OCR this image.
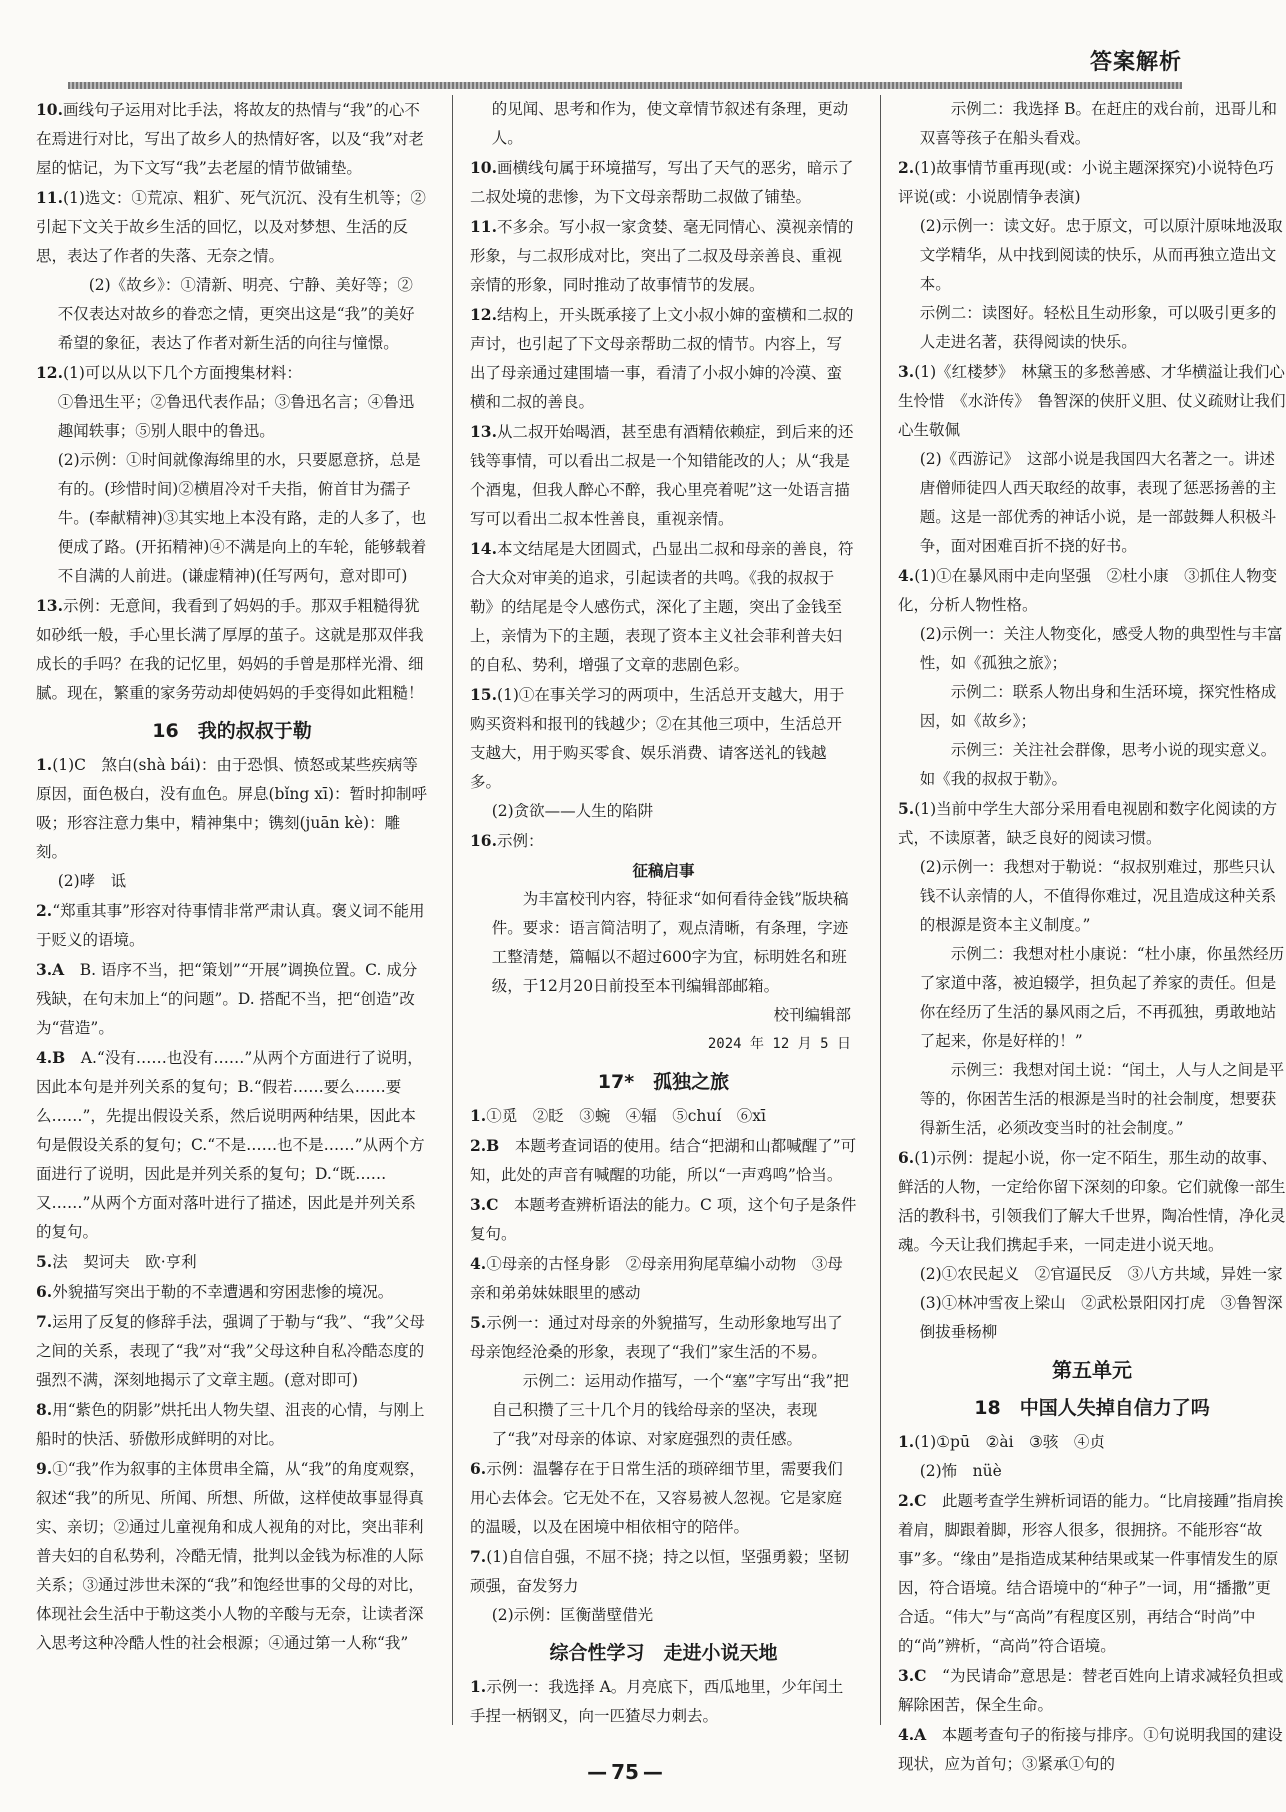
答案解析

10.画线句子运用对比手法，将故友的热情与“我”的心不在焉进行对比，写出了故乡人的热情好客，以及“我”对老屋的惦记，为下文写“我”去老屋的情节做铺垫。

11.(1)选文：①荒凉、粗犷、死气沉沉、没有生机等；②引起下文关于故乡生活的回忆，以及对梦想、生活的反思，表达了作者的失落、无奈之情。

(2)《故乡》：①清新、明亮、宁静、美好等；②不仅表达对故乡的眷恋之情，更突出这是“我”的美好希望的象征，表达了作者对新生活的向往与憧憬。

12.(1)可以从以下几个方面搜集材料：

①鲁迅生平；②鲁迅代表作品；③鲁迅名言；④鲁迅趣闻轶事；⑤别人眼中的鲁迅。

(2)示例：①时间就像海绵里的水，只要愿意挤，总是有的。(珍惜时间)②横眉冷对千夫指，俯首甘为孺子牛。(奉献精神)③其实地上本没有路，走的人多了，也便成了路。(开拓精神)④不满是向上的车轮，能够载着不自满的人前进。(谦虚精神)(任写两句，意对即可)

13.示例：无意间，我看到了妈妈的手。那双手粗糙得犹如砂纸一般，手心里长满了厚厚的茧子。这就是那双伴我成长的手吗？在我的记忆里，妈妈的手曾是那样光滑、细腻。现在，繁重的家务劳动却使妈妈的手变得如此粗糙！

16　我的叔叔于勒

1.(1)C　煞白(shà bái)：由于恐惧、愤怒或某些疾病等原因，面色极白，没有血色。屏息(bǐng xī)：暂时抑制呼吸；形容注意力集中，精神集中；镌刻(juān kè)：雕刻。

(2)哮　诋

2.“郑重其事”形容对待事情非常严肃认真。褒义词不能用于贬义的语境。

3.A　 B. 语序不当，把“策划”“开展”调换位置。C. 成分残缺，在句末加上“的问题”。D. 搭配不当，把“创造”改为“营造”。

4.B　 A.“没有……也没有……”从两个方面进行了说明，因此本句是并列关系的复句；B.“假若……要么……要么……”，先提出假设关系，然后说明两种结果，因此本句是假设关系的复句；C.“不是……也不是……”从两个方面进行了说明，因此是并列关系的复句；D.“既……又……”从两个方面对落叶进行了描述，因此是并列关系的复句。

5.法　契诃夫　欧·亨利

6.外貌描写突出于勒的不幸遭遇和穷困悲惨的境况。

7.运用了反复的修辞手法，强调了于勒与“我”、“我”父母之间的关系，表现了“我”对“我”父母这种自私冷酷态度的强烈不满，深刻地揭示了文章主题。(意对即可)

8.用“紫色的阴影”烘托出人物失望、沮丧的心情，与刚上船时的快活、骄傲形成鲜明的对比。

9.①“我”作为叙事的主体贯串全篇，从“我”的角度观察，叙述“我”的所见、所闻、所想、所做，这样使故事显得真实、亲切；②通过儿童视角和成人视角的对比，突出菲利普夫妇的自私势利，冷酷无情，批判以金钱为标准的人际关系；③通过涉世未深的“我”和饱经世事的父母的对比，体现社会生活中于勒这类小人物的辛酸与无奈，让读者深入思考这种冷酷人性的社会根源；④通过第一人称“我”

的见闻、思考和作为，使文章情节叙述有条理，更动人。

10.画横线句属于环境描写，写出了天气的恶劣，暗示了二叔处境的悲惨，为下文母亲帮助二叔做了铺垫。

11.不多余。写小叔一家贪婪、毫无同情心、漠视亲情的形象，与二叔形成对比，突出了二叔及母亲善良、重视亲情的形象，同时推动了故事情节的发展。

12.结构上，开头既承接了上文小叔小婶的蛮横和二叔的声讨，也引起了下文母亲帮助二叔的情节。内容上，写出了母亲通过建围墙一事，看清了小叔小婶的冷漠、蛮横和二叔的善良。

13.从二叔开始喝酒，甚至患有酒精依赖症，到后来的还钱等事情，可以看出二叔是一个知错能改的人；从“我是个酒鬼，但我人醉心不醉，我心里亮着呢”这一处语言描写可以看出二叔本性善良，重视亲情。

14.本文结尾是大团圆式，凸显出二叔和母亲的善良，符合大众对审美的追求，引起读者的共鸣。《我的叔叔于勒》的结尾是令人感伤式，深化了主题，突出了金钱至上，亲情为下的主题，表现了资本主义社会菲利普夫妇的自私、势利，增强了文章的悲剧色彩。

15.(1)①在事关学习的两项中，生活总开支越大，用于购买资料和报刊的钱越少；②在其他三项中，生活总开支越大，用于购买零食、娱乐消费、请客送礼的钱越多。

(2)贪欲——人生的陷阱

16.示例：

征稿启事

为丰富校刊内容，特征求“如何看待金钱”版块稿件。要求：语言简洁明了，观点清晰，有条理，字迹工整清楚，篇幅以不超过600字为宜，标明姓名和班级，于12月20日前投至本刊编辑部邮箱。

校刊编辑部

2024 年 12 月 5 日

17*　孤独之旅

1.①觅　②眨　③蜿　④辐　⑤chuí　⑥xī

2.B　 本题考查词语的使用。结合“把湖和山都喊醒了”可知，此处的声音有喊醒的功能，所以“一声鸡鸣”恰当。

3.C　 本题考查辨析语法的能力。C 项，这个句子是条件复句。

4.①母亲的古怪身影　②母亲用狗尾草编小动物　③母亲和弟弟妹妹眼里的感动

5.示例一：通过对母亲的外貌描写，生动形象地写出了母亲饱经沧桑的形象，表现了“我们”家生活的不易。

示例二：运用动作描写，一个“塞”字写出“我”把自己积攒了三十几个月的钱给母亲的坚决，表现了“我”对母亲的体谅、对家庭强烈的责任感。

6.示例：温馨存在于日常生活的琐碎细节里，需要我们用心去体会。它无处不在，又容易被人忽视。它是家庭的温暖，以及在困境中相依相守的陪伴。

7.(1)自信自强，不屈不挠；持之以恒，坚强勇毅；坚韧顽强，奋发努力

(2)示例：匡衡凿壁借光

综合性学习　走进小说天地

1.示例一：我选择 A。月亮底下，西瓜地里，少年闰土手捏一柄钢叉，向一匹猹尽力刺去。

示例二：我选择 B。在赶庄的戏台前，迅哥儿和双喜等孩子在船头看戏。

2.(1)故事情节重再现(或：小说主题深探究)小说特色巧评说(或：小说剧情争表演)

(2)示例一：读文好。忠于原文，可以原汁原味地汲取文学精华，从中找到阅读的快乐，从而再独立造出文本。

示例二：读图好。轻松且生动形象，可以吸引更多的人走进名著，获得阅读的快乐。

3.(1)《红楼梦》　林黛玉的多愁善感、才华横溢让我们心生怜惜　《水浒传》　鲁智深的侠肝义胆、仗义疏财让我们心生敬佩

(2)《西游记》　这部小说是我国四大名著之一。讲述唐僧师徒四人西天取经的故事，表现了惩恶扬善的主题。这是一部优秀的神话小说，是一部鼓舞人积极斗争，面对困难百折不挠的好书。

4.(1)①在暴风雨中走向坚强　②杜小康　③抓住人物变化，分析人物性格。

(2)示例一：关注人物变化，感受人物的典型性与丰富性，如《孤独之旅》；

示例二：联系人物出身和生活环境，探究性格成因，如《故乡》；

示例三：关注社会群像，思考小说的现实意义。如《我的叔叔于勒》。

5.(1)当前中学生大部分采用看电视剧和数字化阅读的方式，不读原著，缺乏良好的阅读习惯。

(2)示例一：我想对于勒说：“叔叔别难过，那些只认钱不认亲情的人，不值得你难过，况且造成这种关系的根源是资本主义制度。”

示例二：我想对杜小康说：“杜小康，你虽然经历了家道中落，被迫辍学，担负起了养家的责任。但是你在经历了生活的暴风雨之后，不再孤独，勇敢地站了起来，你是好样的！”

示例三：我想对闰土说：“闰土，人与人之间是平等的，你困苦生活的根源是当时的社会制度，想要获得新生活，必须改变当时的社会制度。”

6.(1)示例：提起小说，你一定不陌生，那生动的故事、鲜活的人物，一定给你留下深刻的印象。它们就像一部生活的教科书，引领我们了解大千世界，陶冶性情，净化灵魂。今天让我们携起手来，一同走进小说天地。

(2)①农民起义　②官逼民反　③八方共域，异姓一家

(3)①林冲雪夜上梁山　②武松景阳冈打虎　③鲁智深倒拔垂杨柳

第五单元
18　中国人失掉自信力了吗

1.(1)①pū　②ài　③骇　④贞

(2)怖　nüè

2.C　 此题考查学生辨析词语的能力。“比肩接踵”指肩挨着肩，脚跟着脚，形容人很多，很拥挤。不能形容“故事”多。“缘由”是指造成某种结果或某一件事情发生的原因，符合语境。结合语境中的“种子”一词，用“播撒”更合适。“伟大”与“高尚”有程度区别，再结合“时尚”中的“尚”辨析，“高尚”符合语境。

3.C　 “为民请命”意思是：替老百姓向上请求减轻负担或解除困苦，保全生命。

4.A　 本题考查句子的衔接与排序。①句说明我国的建设现状，应为首句；③紧承①句的

— 75 —
